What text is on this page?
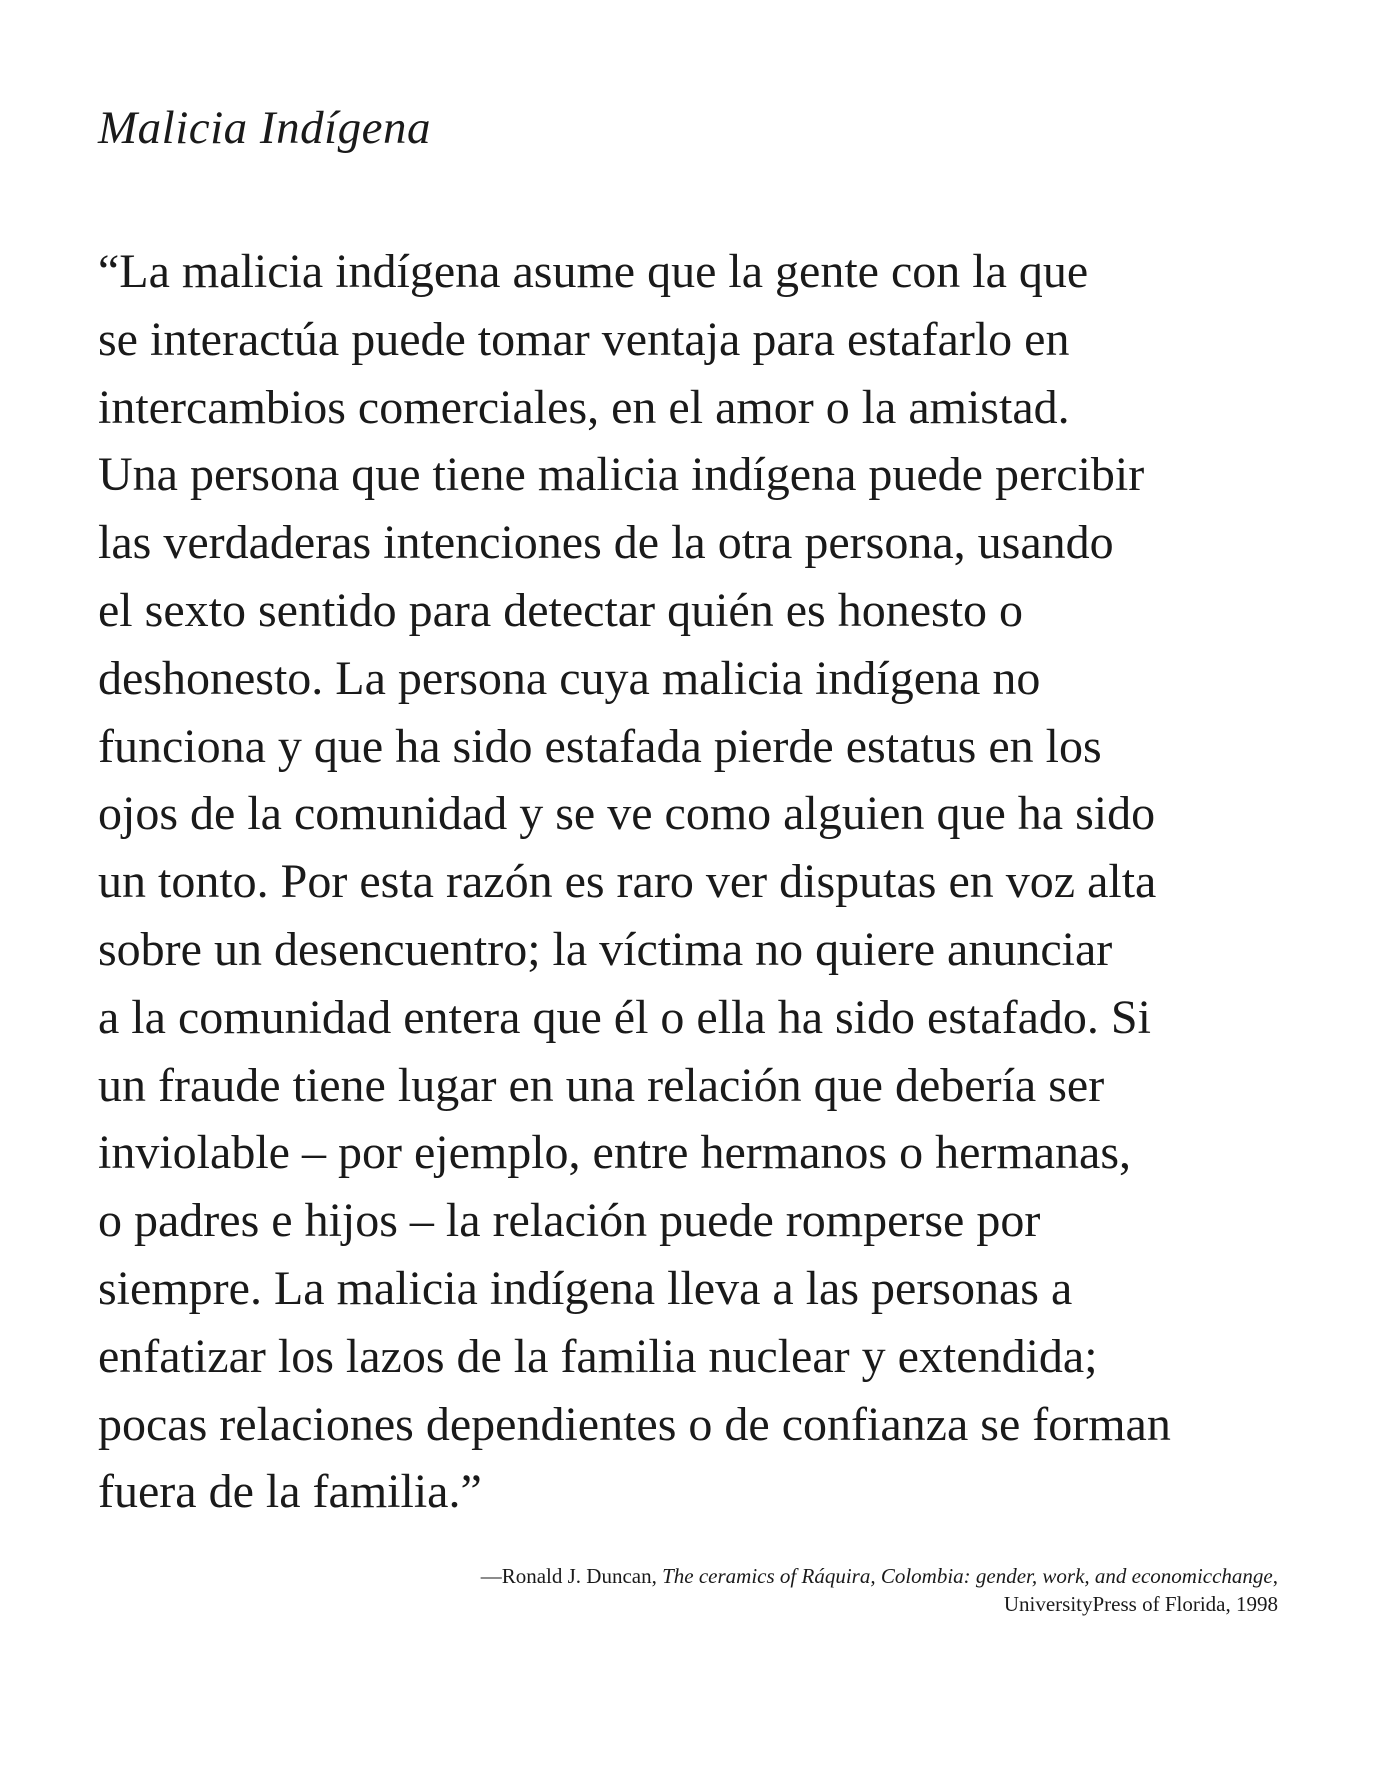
Malicia Indígena
“La malicia indígena asume que la gente con la que
se interactúa puede tomar ventaja para estafarlo en
intercambios comerciales, en el amor o la amistad.
Una persona que tiene malicia indígena puede percibir
las verdaderas intenciones de la otra persona, usando
el sexto sentido para detectar quién es honesto o
deshonesto. La persona cuya malicia indígena no
funciona y que ha sido estafada pierde estatus en los
ojos de la comunidad y se ve como alguien que ha sido
un tonto. Por esta razón es raro ver disputas en voz alta
sobre un desencuentro; la víctima no quiere anunciar
a la comunidad entera que él o ella ha sido estafado. Si
un fraude tiene lugar en una relación que debería ser
inviolable – por ejemplo, entre hermanos o hermanas,
o padres e hijos – la relación puede romperse por
siempre. La malicia indígena lleva a las personas a
enfatizar los lazos de la familia nuclear y extendida;
pocas relaciones dependientes o de confianza se forman
fuera de la familia.”
—Ronald J. Duncan, The ceramics of Ráquira, Colombia: gender, work, and economicchange,
UniversityPress of Florida, 1998
